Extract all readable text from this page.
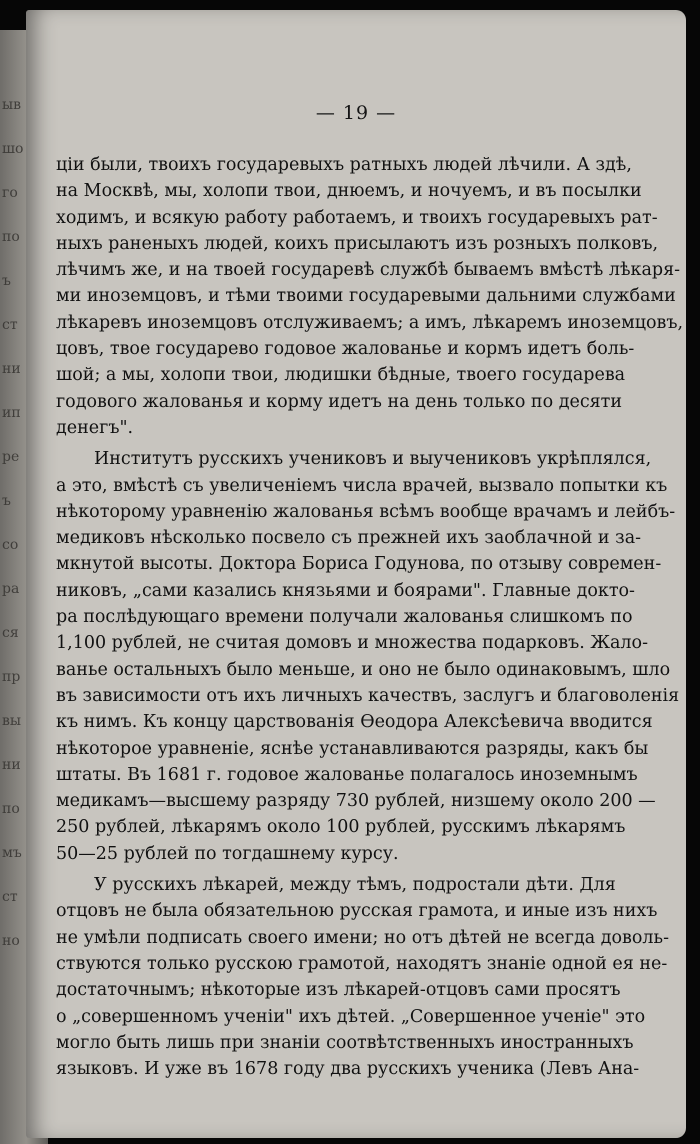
ыв
шо
го
по
ъ
ст
ни
ип
ре
ъ
со
ра
ся
пр
вы
ни
по
мъ
ст
но
— 19 —
ціи были, твоихъ государевыхъ ратныхъ людей лѣчили. А здѣ,
на Москвѣ, мы, холопи твои, днюемъ, и ночуемъ, и въ посылки
ходимъ, и всякую работу работаемъ, и твоихъ государевыхъ рат-
ныхъ раненыхъ людей, коихъ присылаютъ изъ розныхъ полковъ,
лѣчимъ же, и на твоей государевѣ службѣ бываемъ вмѣстѣ лѣкаря-
ми иноземцовъ, и тѣми твоими государевыми дальними службами
лѣкаревъ иноземцовъ отслуживаемъ; а имъ, лѣкаремъ иноземцовъ,
цовъ, твое государево годовое жалованье и кормъ идетъ боль-
шой; а мы, холопи твои, людишки бѣдные, твоего государева
годового жалованья и корму идетъ на день только по десяти
денегъ".
Институтъ русскихъ учениковъ и выучениковъ укрѣплялся,
а это, вмѣстѣ съ увеличеніемъ числа врачей, вызвало попытки къ
нѣкоторому уравненію жалованья всѣмъ вообще врачамъ и лейбъ-
медиковъ нѣсколько посвело съ прежней ихъ заоблачной и за-
мкнутой высоты. Доктора Бориса Годунова, по отзыву современ-
никовъ, „сами казались князьями и боярами". Главные докто-
ра послѣдующаго времени получали жалованья слишкомъ по
1,100 рублей, не считая домовъ и множества подарковъ. Жало-
ванье остальныхъ было меньше, и оно не было одинаковымъ, шло
въ зависимости отъ ихъ личныхъ качествъ, заслугъ и благоволенія
къ нимъ. Къ концу царствованія Ѳеодора Алексѣевича вводится
нѣкоторое уравненіе, яснѣе устанавливаются разряды, какъ бы
штаты. Въ 1681 г. годовое жалованье полагалось иноземнымъ
медикамъ—высшему разряду 730 рублей, низшему около 200 —
250 рублей, лѣкарямъ около 100 рублей, русскимъ лѣкарямъ
50—25 рублей по тогдашнему курсу.
У русскихъ лѣкарей, между тѣмъ, подростали дѣти. Для
отцовъ не была обязательною русская грамота, и иные изъ нихъ
не умѣли подписать своего имени; но отъ дѣтей не всегда доволь-
ствуются только русскою грамотой, находятъ знаніе одной ея не-
достаточнымъ; нѣкоторые изъ лѣкарей-отцовъ сами просятъ
о „совершенномъ ученіи" ихъ дѣтей. „Совершенное ученіе" это
могло быть лишь при знаніи соотвѣтственныхъ иностранныхъ
языковъ. И уже въ 1678 году два русскихъ ученика (Левъ Ана-
